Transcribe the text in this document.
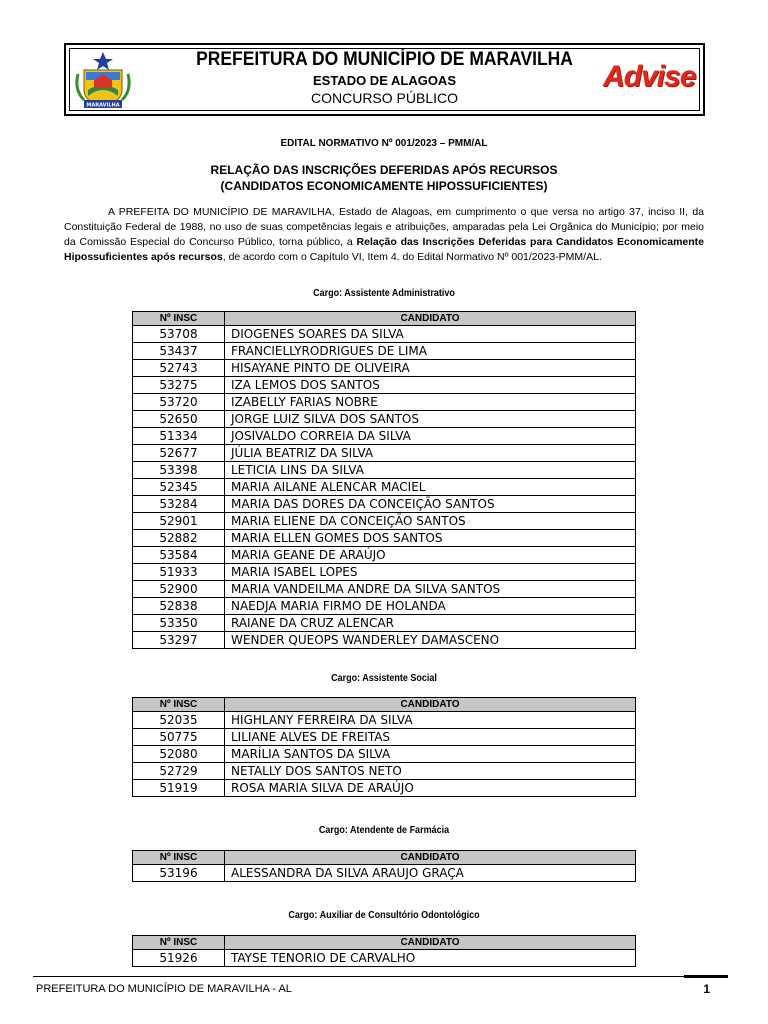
MARAVILHA
PREFEITURA DO MUNICÍPIO DE MARAVILHA
ESTADO DE ALAGOAS
CONCURSO PÚBLICO
Advise
EDITAL NORMATIVO Nº 001/2023 – PMM/AL
RELAÇÃO DAS INSCRIÇÕES DEFERIDAS APÓS RECURSOS
(CANDIDATOS ECONOMICAMENTE HIPOSSUFICIENTES)

A PREFEITA DO MUNICÍPIO DE MARAVILHA, Estado de Alagoas, em cumprimento o que versa no artigo 37, inciso II, da Constituição Federal de 1988, no uso de suas competências legais e atribuições, amparadas pela Lei Orgânica do Município; por meio da Comissão Especial do Concurso Público, torna público, a Relação das Inscrições Deferidas para Candidatos Economicamente Hipossuficientes após recursos, de acordo com o Capítulo VI, Item 4. do Edital Normativo Nº 001/2023-PMM/AL.

Cargo: Assistente Administrativo
Nº INSC	CANDIDATO
53708	DIOGENES SOARES DA SILVA
53437	FRANCIELLYRODRIGUES DE LIMA
52743	HISAYANE PINTO DE OLIVEIRA
53275	IZA LEMOS DOS SANTOS
53720	IZABELLY FARIAS NOBRE
52650	JORGE LUIZ SILVA DOS SANTOS
51334	JOSIVALDO CORREIA DA SILVA
52677	JÚLIA BEATRIZ DA SILVA
53398	LETICIA LINS DA SILVA
52345	MARIA AILANE ALENCAR MACIEL
53284	MARIA DAS DORES DA CONCEIÇÃO SANTOS
52901	MARIA ELIENE DA CONCEIÇÃO SANTOS
52882	MARIA ELLEN GOMES DOS SANTOS
53584	MARIA GEANE DE ARAÚJO
51933	MARIA ISABEL LOPES
52900	MARIA VANDEILMA ANDRE DA SILVA SANTOS
52838	NAEDJA MARIA FIRMO DE HOLANDA
53350	RAIANE DA CRUZ ALENCAR
53297	WENDER QUEOPS WANDERLEY DAMASCENO
Cargo: Assistente Social
Nº INSC	CANDIDATO
52035	HIGHLANY FERREIRA DA SILVA
50775	LILIANE ALVES DE FREITAS
52080	MARÍLIA SANTOS DA SILVA
52729	NETALLY DOS SANTOS NETO
51919	ROSA MARIA SILVA DE ARAÚJO
Cargo: Atendente de Farmácia
Nº INSC	CANDIDATO
53196	ALESSANDRA DA SILVA ARAUJO GRAÇA
Cargo: Auxiliar de Consultório Odontológico
Nº INSC	CANDIDATO
51926	TAYSE TENORIO DE CARVALHO
PREFEITURA DO MUNICÍPIO DE MARAVILHA - AL	1
